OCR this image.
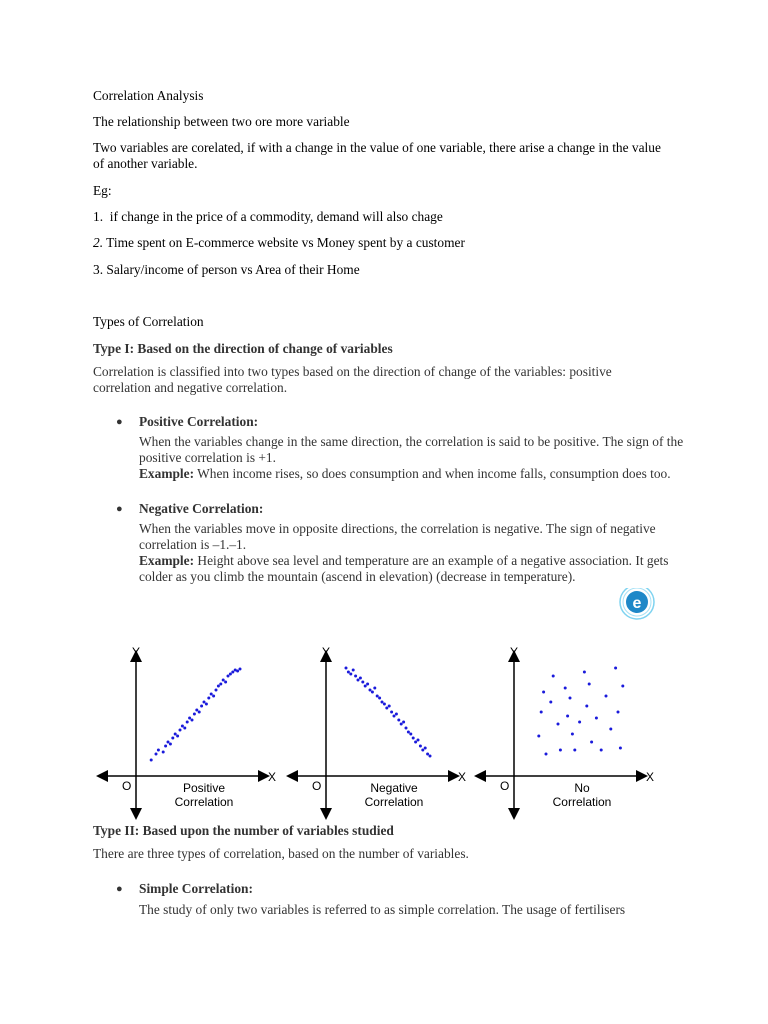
Correlation Analysis
The relationship between two ore more variable
Two variables are corelated, if with a change in the value of one variable, there arise a change in the value of another variable.
Eg:
1. if change in the price of a commodity, demand will also chage
2. Time spent on E-commerce website vs Money spent by a customer
3. Salary/income of person vs Area of their Home
Types of Correlation
Type I: Based on the direction of change of variables
Correlation is classified into two types based on the direction of change of the variables: positive correlation and negative correlation.
● Positive Correlation:
When the variables change in the same direction, the correlation is said to be positive. The sign of the positive correlation is +1.
Example: When income rises, so does consumption and when income falls, consumption does too.
● Negative Correlation:
When the variables move in opposite directions, the correlation is negative. The sign of negative correlation is –1.–1.
Example: Height above sea level and temperature are an example of a negative association. It gets colder as you climb the mountain (ascend in elevation) (decrease in temperature).
e
Y
X
O	Positive
Correlation
Y
X
O	Negative
Correlation
Y
X
O	No
Correlation
Type II: Based upon the number of variables studied
There are three types of correlation, based on the number of variables.
● Simple Correlation:
The study of only two variables is referred to as simple correlation. The usage of fertilisers
